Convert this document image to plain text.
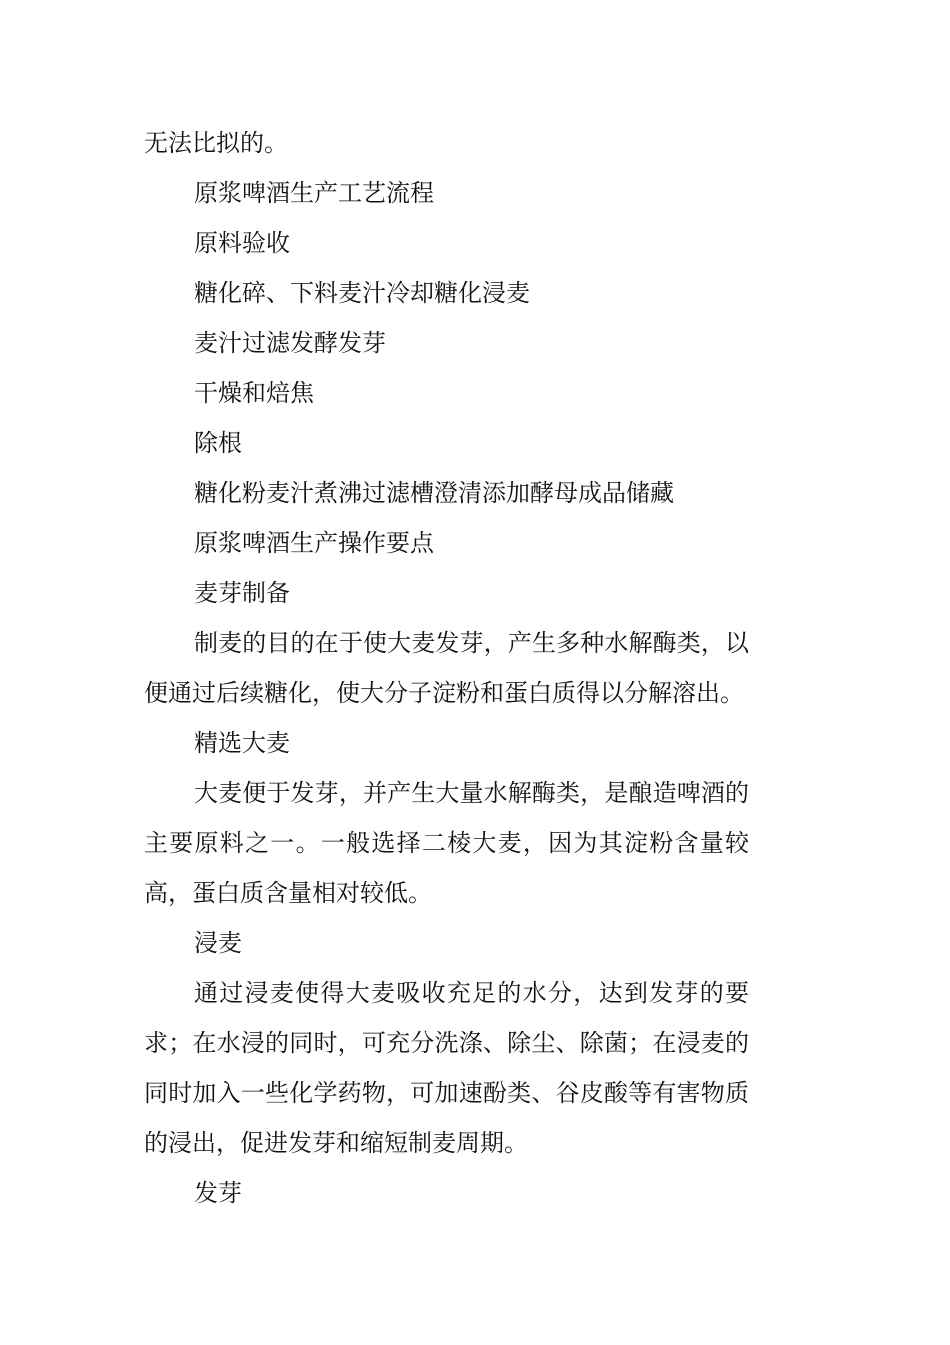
无法比拟的。

原浆啤酒生产工艺流程

原料验收

糖化碎、下料麦汁冷却糖化浸麦

麦汁过滤发酵发芽

干燥和焙焦

除根

糖化粉麦汁煮沸过滤槽澄清添加酵母成品储藏

原浆啤酒生产操作要点

麦芽制备

制麦的目的在于使大麦发芽，产生多种水解酶类，以便通过后续糖化，使大分子淀粉和蛋白质得以分解溶出。

精选大麦

大麦便于发芽，并产生大量水解酶类，是酿造啤酒的主要原料之一。一般选择二棱大麦，因为其淀粉含量较高，蛋白质含量相对较低。

浸麦

通过浸麦使得大麦吸收充足的水分，达到发芽的要求；在水浸的同时，可充分洗涤、除尘、除菌；在浸麦的同时加入一些化学药物，可加速酚类、谷皮酸等有害物质的浸出，促进发芽和缩短制麦周期。

发芽
